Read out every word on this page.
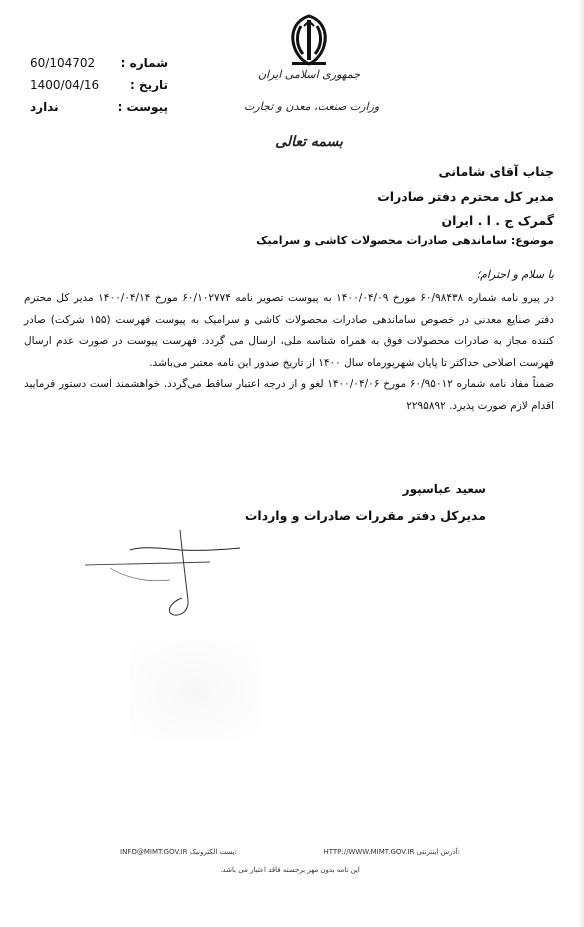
جمهوری اسلامی ایران
وزارت صنعت، معدن و تجارت
بسمه تعالی
60/104702 شماره :
1400/04/16	تاریخ :
ندارد	پیوست :
جناب آقای شامانی
مدیر کل محترم دفتر صادرات
گمرک ج . ا . ایران
موضوع: ساماندهی صادرات محصولات کاشی و سرامیک
با سلام و احترام؛

در پیرو نامه شماره ۶۰/۹۸۴۳۸ مورخ ۱۴۰۰/۰۴/۰۹ به پیوست تصویر نامه ۶۰/۱۰۲۷۷۴ مورخ ۱۴۰۰/۰۴/۱۴ مدیر کل محترم دفتر صنایع معدنی در خصوص ساماندهی صادرات محصولات کاشی و سرامیک به پیوست فهرست (۱۵۵ شرکت) صادر کننده مجاز به صادرات محصولات فوق به همراه شناسه ملی، ارسال می گردد. فهرست پیوست در صورت عدم ارسال فهرست اصلاحی حداکثر تا پایان شهریورماه سال ۱۴۰۰ از تاریخ صدور این نامه معتبر می‌باشد.

ضمناً مفاد نامه شماره ۶۰/۹۵۰۱۲ مورخ ۱۴۰۰/۰۴/۰۶ لغو و از درجه اعتبار ساقط می‌گردد. خواهشمند است دستور فرمایید اقدام لازم صورت پذیرد. ۲۲۹۵۸۹۲

سعید عباسپور
مدیرکل دفتر مقررات صادرات و واردات
INFO@MIMT.GOV.IR پست الکترونیک:	HTTP://WWW.MIMT.GOV.IR آدرس اینترنتی:
این نامه بدون مهر برجسته فاقد اعتبار می باشد.
